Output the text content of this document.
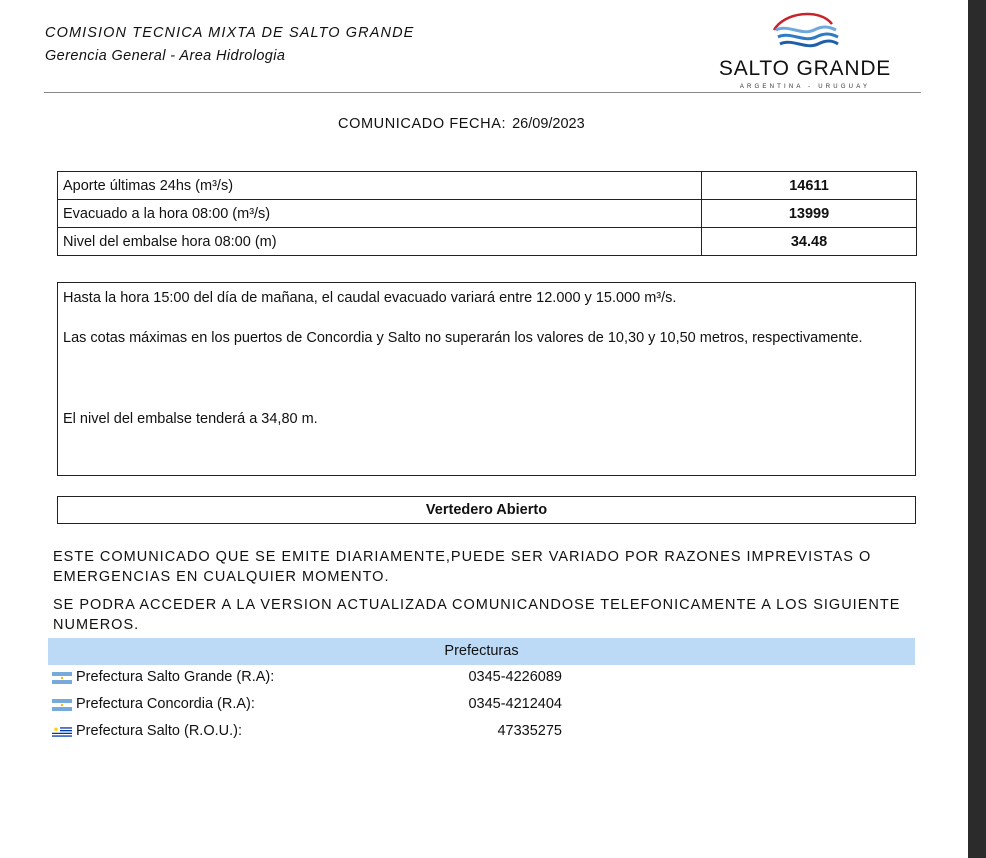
COMISION TECNICA MIXTA DE SALTO GRANDE
Gerencia General - Area Hidrologia
SALTO GRANDE
ARGENTINA - URUGUAY
COMUNICADO FECHA: 26/09/2023
Aporte últimas 24hs (m³/s)	14611
Evacuado a la hora 08:00 (m³/s)	13999
Nivel del embalse hora 08:00 (m)	34.48

Hasta la hora 15:00 del día de mañana, el caudal evacuado variará entre 12.000 y 15.000 m³/s.

Las cotas máximas en los puertos de Concordia y Salto no superarán los valores de 10,30 y 10,50 metros, respectivamente.

El nivel del embalse tenderá a 34,80 m.

Vertedero Abierto
ESTE COMUNICADO QUE SE EMITE DIARIAMENTE,PUEDE SER VARIADO POR RAZONES IMPREVISTAS O EMERGENCIAS EN CUALQUIER MOMENTO.
SE PODRA ACCEDER A LA VERSION ACTUALIZADA COMUNICANDOSE TELEFONICAMENTE A LOS SIGUIENTE NUMEROS.
Prefecturas
Prefectura Salto Grande (R.A):	0345-4226089
Prefectura Concordia (R.A):	0345-4212404
Prefectura Salto (R.O.U.):	47335275
